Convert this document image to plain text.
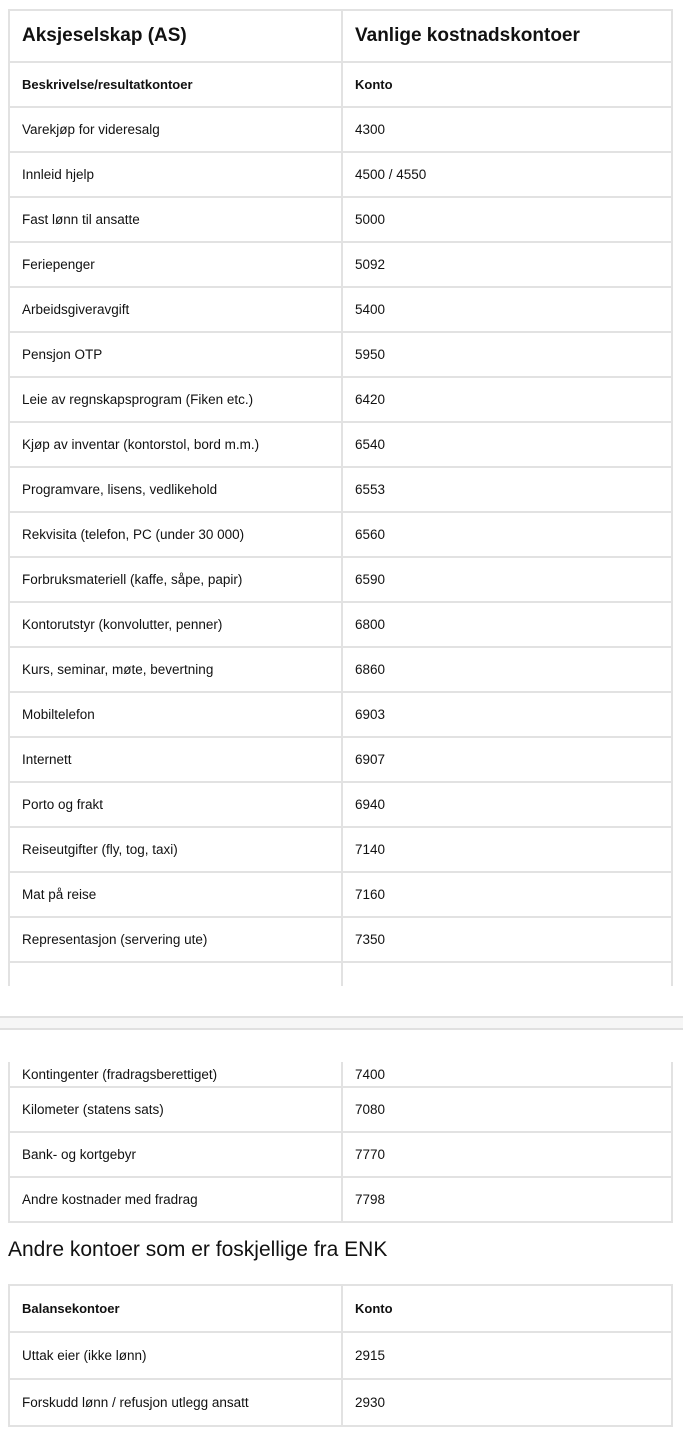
Aksjeselskap (AS)	Vanlige kostnadskontoer
Beskrivelse/resultatkontoer	Konto
Varekjøp for videresalg	4300
Innleid hjelp	4500 / 4550
Fast lønn til ansatte	5000
Feriepenger	5092
Arbeidsgiveravgift	5400
Pensjon OTP	5950
Leie av regnskapsprogram (Fiken etc.)	6420
Kjøp av inventar (kontorstol, bord m.m.)	6540
Programvare, lisens, vedlikehold	6553
Rekvisita (telefon, PC (under 30 000)	6560
Forbruksmateriell (kaffe, såpe, papir)	6590
Kontorutstyr (konvolutter, penner)	6800
Kurs, seminar, møte, bevertning	6860
Mobiltelefon	6903
Internett	6907
Porto og frakt	6940
Reiseutgifter (fly, tog, taxi)	7140
Mat på reise	7160
Representasjon (servering ute)	7350

Kontingenter (fradragsberettiget)	7400
Kilometer (statens sats)	7080
Bank- og kortgebyr	7770
Andre kostnader med fradrag	7798
Andre kontoer som er foskjellige fra ENK
Balansekontoer	Konto
Uttak eier (ikke lønn)	2915
Forskudd lønn / refusjon utlegg ansatt	2930
